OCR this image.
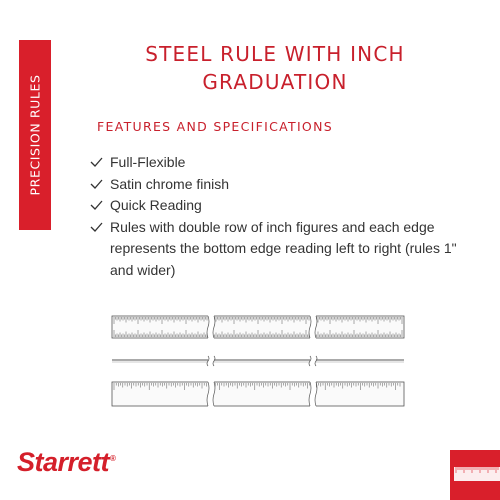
PRECISION RULES
STEEL RULE WITH INCH
GRADUATION
FEATURES AND SPECIFICATIONS
Full-Flexible
Satin chrome finish
Quick Reading
Rules with double row of inch figures and each edge represents the bottom edge reading left to right (rules 1" and wider)
Starrett®
